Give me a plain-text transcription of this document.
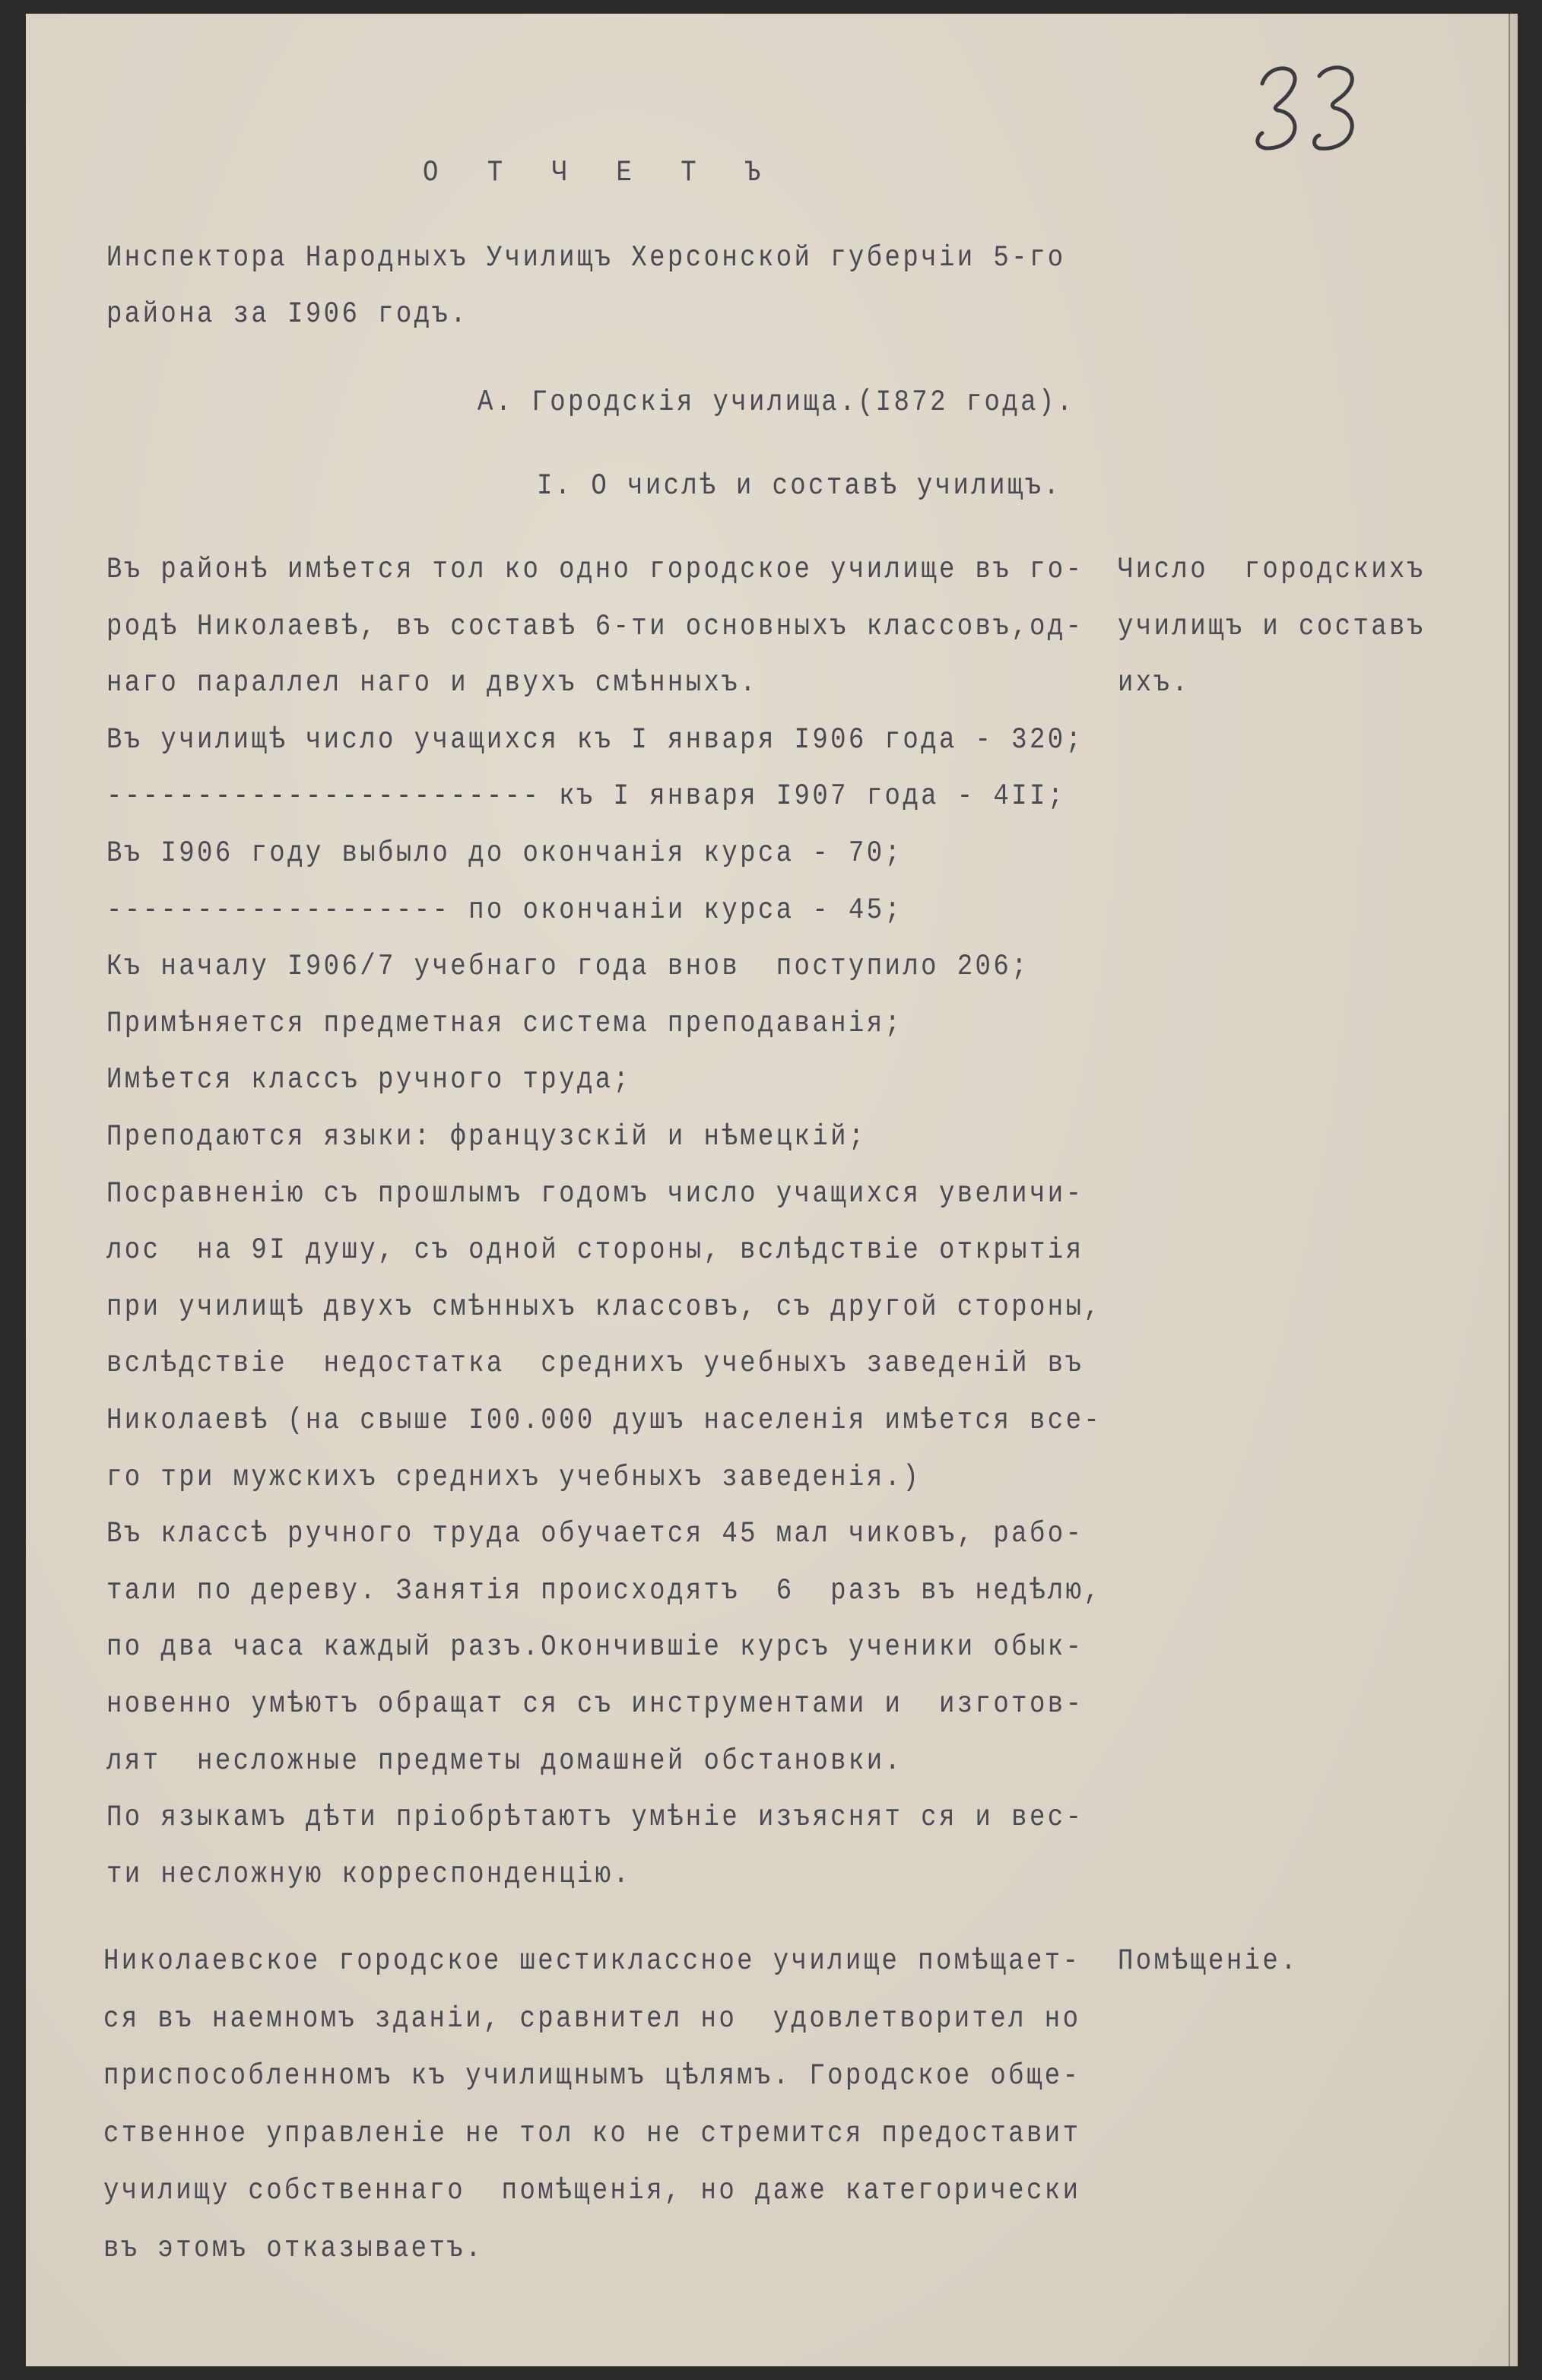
О Т Ч Е Т Ъ
Инспектора Народныхъ Училищъ Херсонской губерчіи 5-го
района за I906 годъ.
А. Городскія училища.(I872 года).
I. О числѣ и составѣ училищъ.
Въ районѣ имѣется тол ко одно городское училище въ го-
родѣ Николаевѣ, въ составѣ 6-ти основныхъ классовъ,од-
наго параллел наго и двухъ смѣнныхъ.
Въ училищѣ число учащихся къ I января I906 года - 320;
------------------------ къ I января I907 года - 4II;
Въ I906 году выбыло до окончанія курса - 70;
------------------- по окончаніи курса - 45;
Къ началу I906/7 учебнаго года внов  поступило 206;
Примѣняется предметная система преподаванія;
Имѣется классъ ручного труда;
Преподаются языки: французскій и нѣмецкій;
Посравненію съ прошлымъ годомъ число учащихся увеличи-
лос  на 9I душу, съ одной стороны, вслѣдствіе открытія
при училищѣ двухъ смѣнныхъ классовъ, съ другой стороны,
вслѣдствіе  недостатка  среднихъ учебныхъ заведеній въ
Николаевѣ (на свыше I00.000 душъ населенія имѣется все-
го три мужскихъ среднихъ учебныхъ заведенія.)
Въ классѣ ручного труда обучается 45 мал чиковъ, рабо-
тали по дереву. Занятія происходятъ  6  разъ въ недѣлю,
по два часа каждый разъ.Окончившіе курсъ ученики обык-
новенно умѣютъ обращат ся съ инструментами и  изготов-
лят  несложные предметы домашней обстановки.
По языкамъ дѣти пріобрѣтаютъ умѣніе изъяснят ся и вес-
ти несложную корреспонденцію.
Число  городскихъ
училищъ и составъ
ихъ.
Николаевское городское шестиклассное училище помѣщает-
ся въ наемномъ зданіи, сравнител но  удовлетворител но
приспособленномъ къ училищнымъ цѣлямъ. Городское обще-
ственное управленіе не тол ко не стремится предоставит
училищу собственнаго  помѣщенія, но даже категорически
въ этомъ отказываетъ.
Помѣщеніе.
